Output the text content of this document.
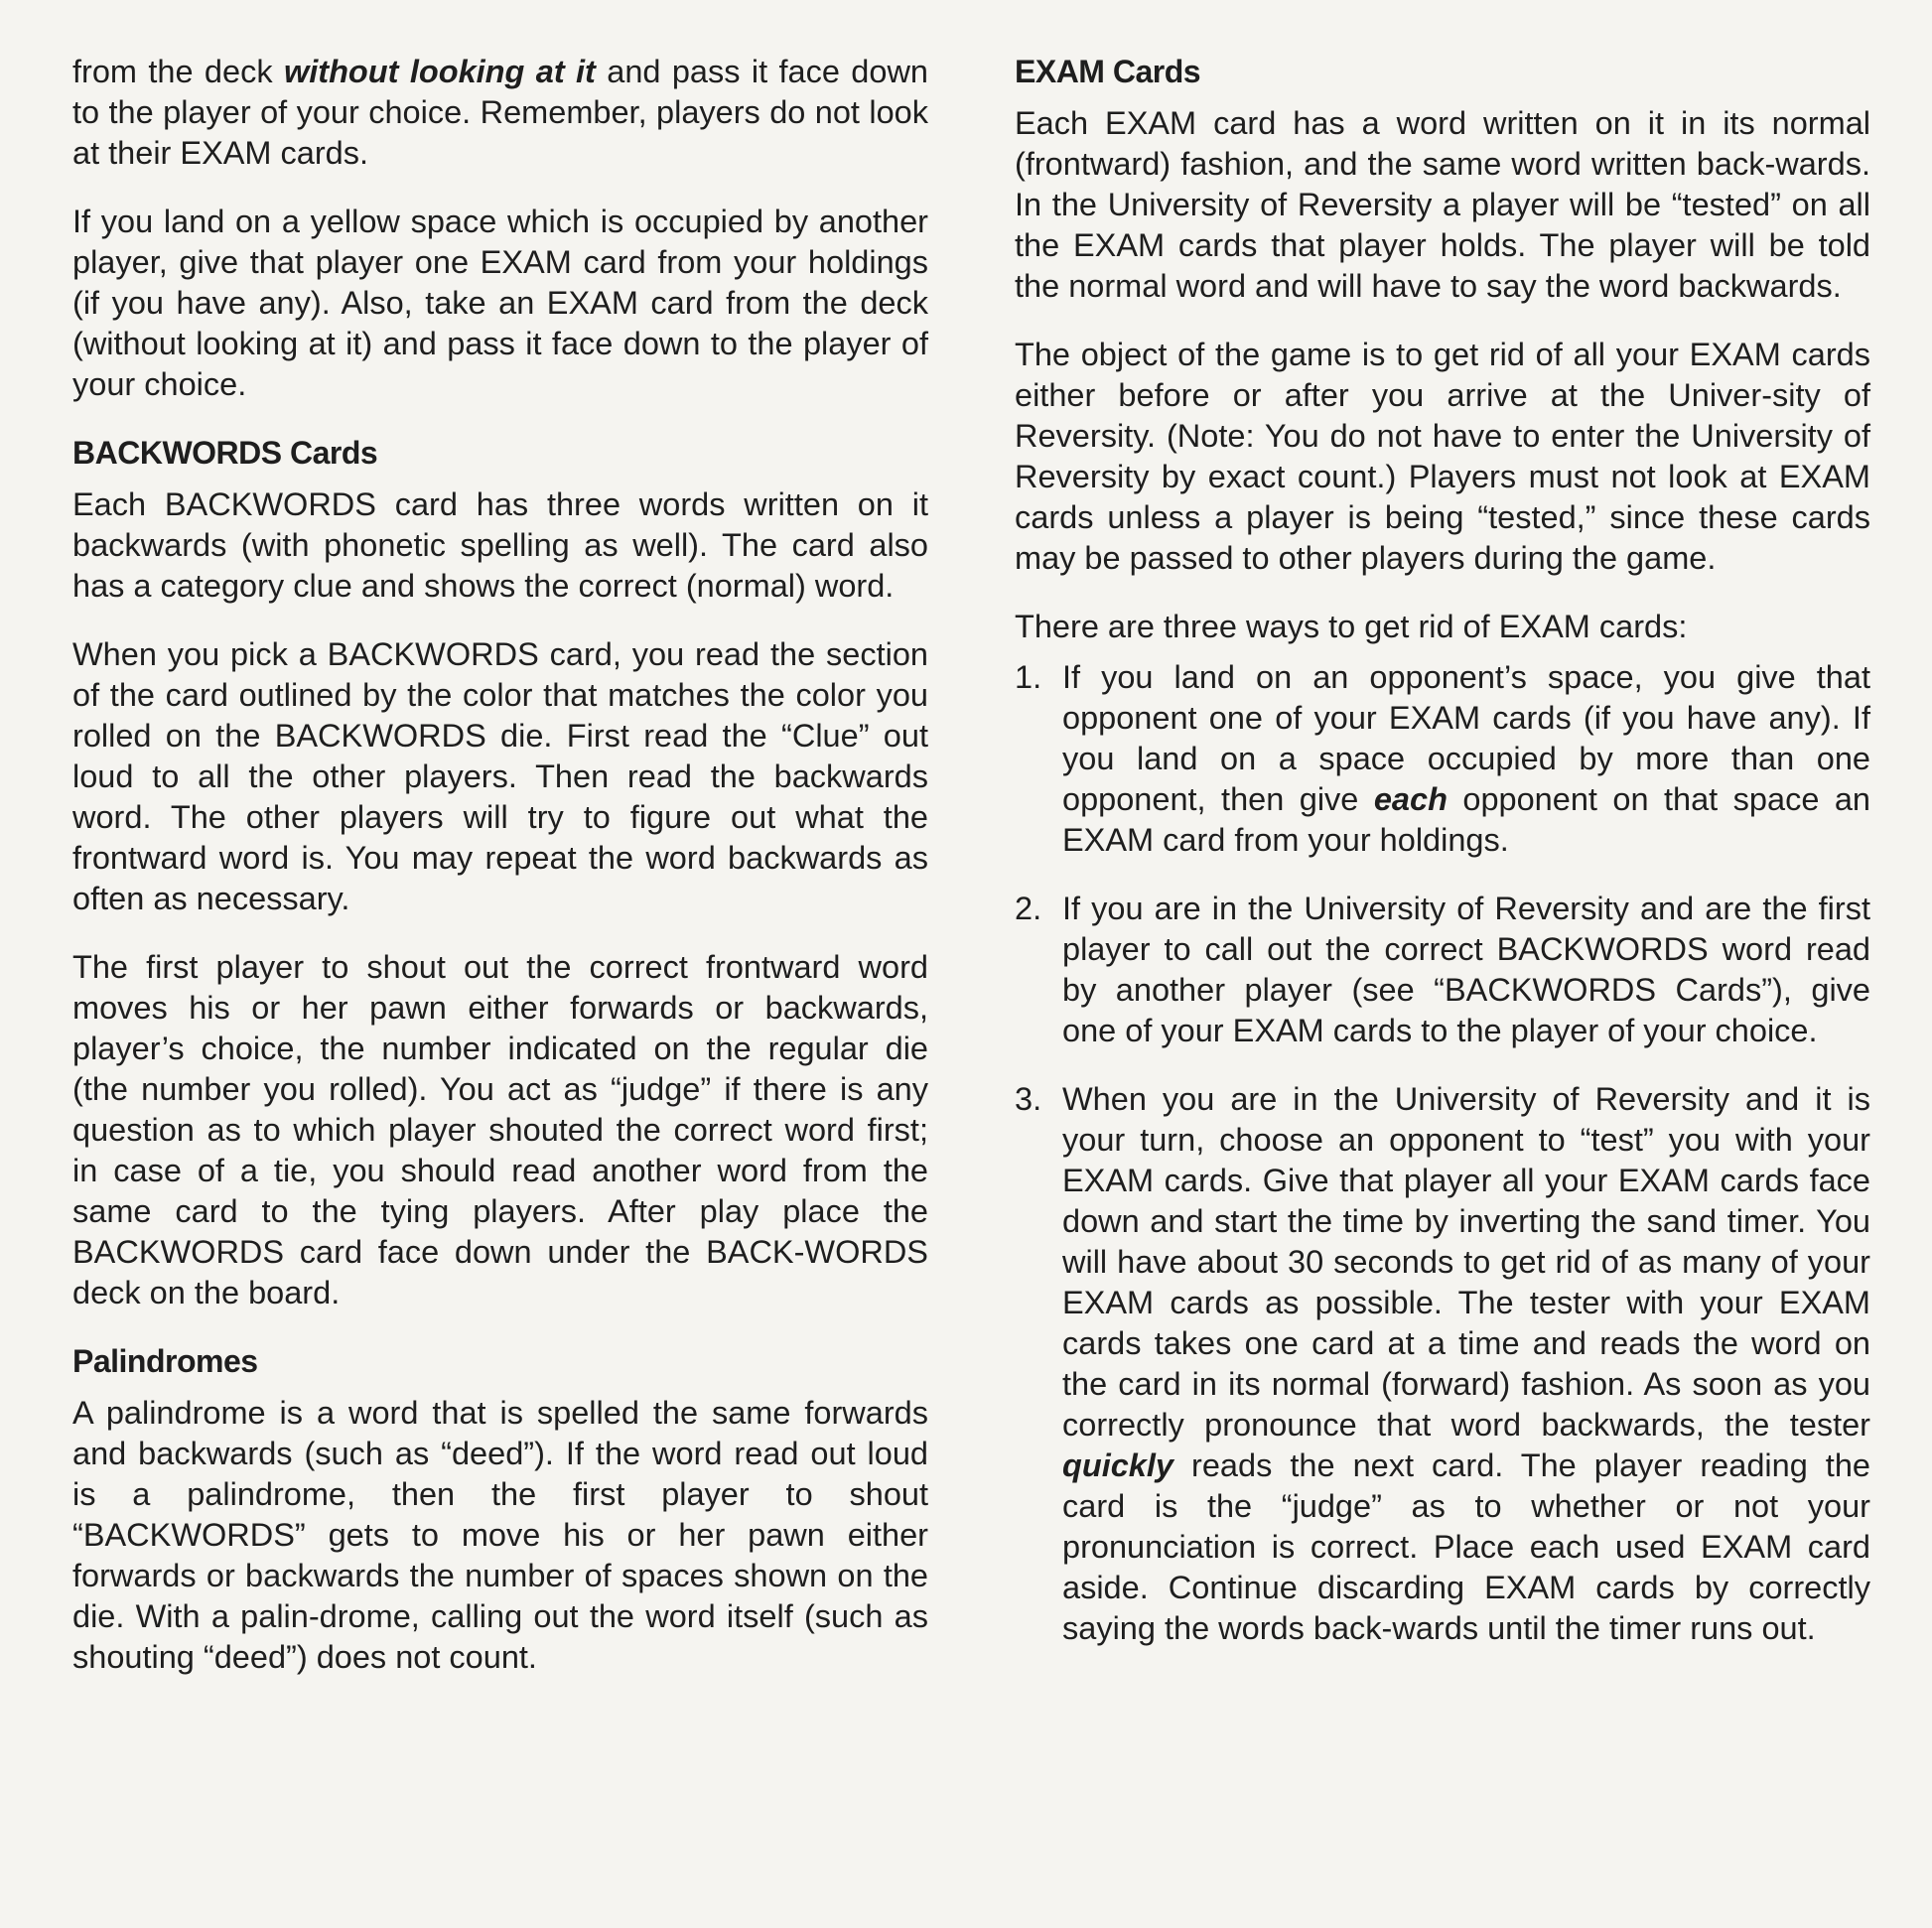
from the deck without looking at it and pass it face down to the player of your choice. Remember, players do not look at their EXAM cards.

If you land on a yellow space which is occupied by another player, give that player one EXAM card from your holdings (if you have any). Also, take an EXAM card from the deck (without looking at it) and pass it face down to the player of your choice.

BACKWORDS Cards

Each BACKWORDS card has three words written on it backwards (with phonetic spelling as well). The card also has a category clue and shows the correct (normal) word.

When you pick a BACKWORDS card, you read the section of the card outlined by the color that matches the color you rolled on the BACKWORDS die. First read the “Clue” out loud to all the other players. Then read the backwards word. The other players will try to figure out what the frontward word is. You may repeat the word backwards as often as necessary.

The first player to shout out the correct frontward word moves his or her pawn either forwards or backwards, player’s choice, the number indicated on the regular die (the number you rolled). You act as “judge” if there is any question as to which player shouted the correct word first; in case of a tie, you should read another word from the same card to the tying players. After play place the BACKWORDS card face down under the BACK-WORDS deck on the board.

Palindromes

A palindrome is a word that is spelled the same forwards and backwards (such as “deed”). If the word read out loud is a palindrome, then the first player to shout “BACKWORDS” gets to move his or her pawn either forwards or backwards the number of spaces shown on the die. With a palin-drome, calling out the word itself (such as shouting “deed”) does not count.

EXAM Cards

Each EXAM card has a word written on it in its normal (frontward) fashion, and the same word written back-wards. In the University of Reversity a player will be “tested” on all the EXAM cards that player holds. The player will be told the normal word and will have to say the word backwards.

The object of the game is to get rid of all your EXAM cards either before or after you arrive at the Univer-sity of Reversity. (Note: You do not have to enter the University of Reversity by exact count.) Players must not look at EXAM cards unless a player is being “tested,” since these cards may be passed to other players during the game.

There are three ways to get rid of EXAM cards:

1. If you land on an opponent’s space, you give that opponent one of your EXAM cards (if you have any). If you land on a space occupied by more than one opponent, then give each opponent on that space an EXAM card from your holdings.
2. If you are in the University of Reversity and are the first player to call out the correct BACKWORDS word read by another player (see “BACKWORDS Cards”), give one of your EXAM cards to the player of your choice.
3. When you are in the University of Reversity and it is your turn, choose an opponent to “test” you with your EXAM cards. Give that player all your EXAM cards face down and start the time by inverting the sand timer. You will have about 30 seconds to get rid of as many of your EXAM cards as possible. The tester with your EXAM cards takes one card at a time and reads the word on the card in its normal (forward) fashion. As soon as you correctly pronounce that word backwards, the tester quickly reads the next card. The player reading the card is the “judge” as to whether or not your pronunciation is correct. Place each used EXAM card aside. Continue discarding EXAM cards by correctly saying the words back-wards until the timer runs out.
